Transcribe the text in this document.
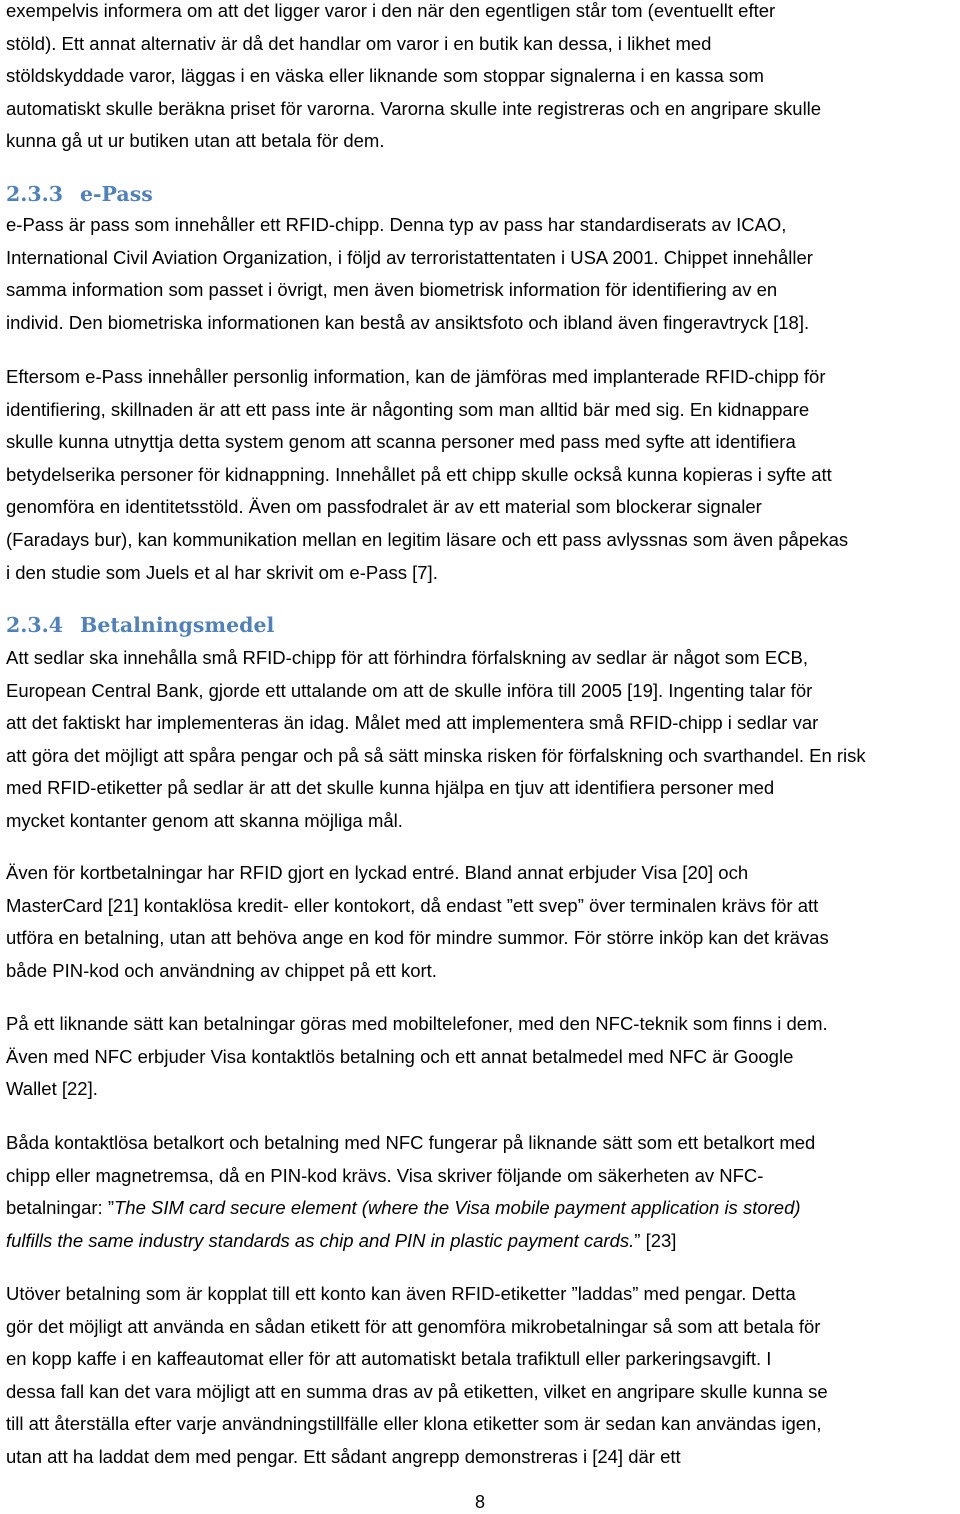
exempelvis informera om att det ligger varor i den när den egentligen står tom (eventuellt efter
stöld). Ett annat alternativ är då det handlar om varor i en butik kan dessa, i likhet med
stöldskyddade varor, läggas i en väska eller liknande som stoppar signalerna i en kassa som
automatiskt skulle beräkna priset för varorna. Varorna skulle inte registreras och en angripare skulle
kunna gå ut ur butiken utan att betala för dem.
2.3.3 e-Pass
e-Pass är pass som innehåller ett RFID-chipp. Denna typ av pass har standardiserats av ICAO,
International Civil Aviation Organization, i följd av terroristattentaten i USA 2001. Chippet innehåller
samma information som passet i övrigt, men även biometrisk information för identifiering av en
individ. Den biometriska informationen kan bestå av ansiktsfoto och ibland även fingeravtryck [18].
Eftersom e-Pass innehåller personlig information, kan de jämföras med implanterade RFID-chipp för
identifiering, skillnaden är att ett pass inte är någonting som man alltid bär med sig. En kidnappare
skulle kunna utnyttja detta system genom att scanna personer med pass med syfte att identifiera
betydelserika personer för kidnappning. Innehållet på ett chipp skulle också kunna kopieras i syfte att
genomföra en identitetsstöld. Även om passfodralet är av ett material som blockerar signaler
(Faradays bur), kan kommunikation mellan en legitim läsare och ett pass avlyssnas som även påpekas
i den studie som Juels et al har skrivit om e-Pass [7].
2.3.4 Betalningsmedel
Att sedlar ska innehålla små RFID-chipp för att förhindra förfalskning av sedlar är något som ECB,
European Central Bank, gjorde ett uttalande om att de skulle införa till 2005 [19]. Ingenting talar för
att det faktiskt har implementeras än idag. Målet med att implementera små RFID-chipp i sedlar var
att göra det möjligt att spåra pengar och på så sätt minska risken för förfalskning och svarthandel. En risk
med RFID-etiketter på sedlar är att det skulle kunna hjälpa en tjuv att identifiera personer med
mycket kontanter genom att skanna möjliga mål.
Även för kortbetalningar har RFID gjort en lyckad entré. Bland annat erbjuder Visa [20] och
MasterCard [21] kontaklösa kredit- eller kontokort, då endast ”ett svep” över terminalen krävs för att
utföra en betalning, utan att behöva ange en kod för mindre summor. För större inköp kan det krävas
både PIN-kod och användning av chippet på ett kort.
På ett liknande sätt kan betalningar göras med mobiltelefoner, med den NFC-teknik som finns i dem.
Även med NFC erbjuder Visa kontaktlös betalning och ett annat betalmedel med NFC är Google
Wallet [22].
Båda kontaktlösa betalkort och betalning med NFC fungerar på liknande sätt som ett betalkort med
chipp eller magnetremsa, då en PIN-kod krävs. Visa skriver följande om säkerheten av NFC-
betalningar: ”The SIM card secure element (where the Visa mobile payment application is stored)
fulfills the same industry standards as chip and PIN in plastic payment cards.” [23]
Utöver betalning som är kopplat till ett konto kan även RFID-etiketter ”laddas” med pengar. Detta
gör det möjligt att använda en sådan etikett för att genomföra mikrobetalningar så som att betala för
en kopp kaffe i en kaffeautomat eller för att automatiskt betala trafiktull eller parkeringsavgift. I
dessa fall kan det vara möjligt att en summa dras av på etiketten, vilket en angripare skulle kunna se
till att återställa efter varje användningstillfälle eller klona etiketter som är sedan kan användas igen,
utan att ha laddat dem med pengar. Ett sådant angrepp demonstreras i [24] där ett
8
